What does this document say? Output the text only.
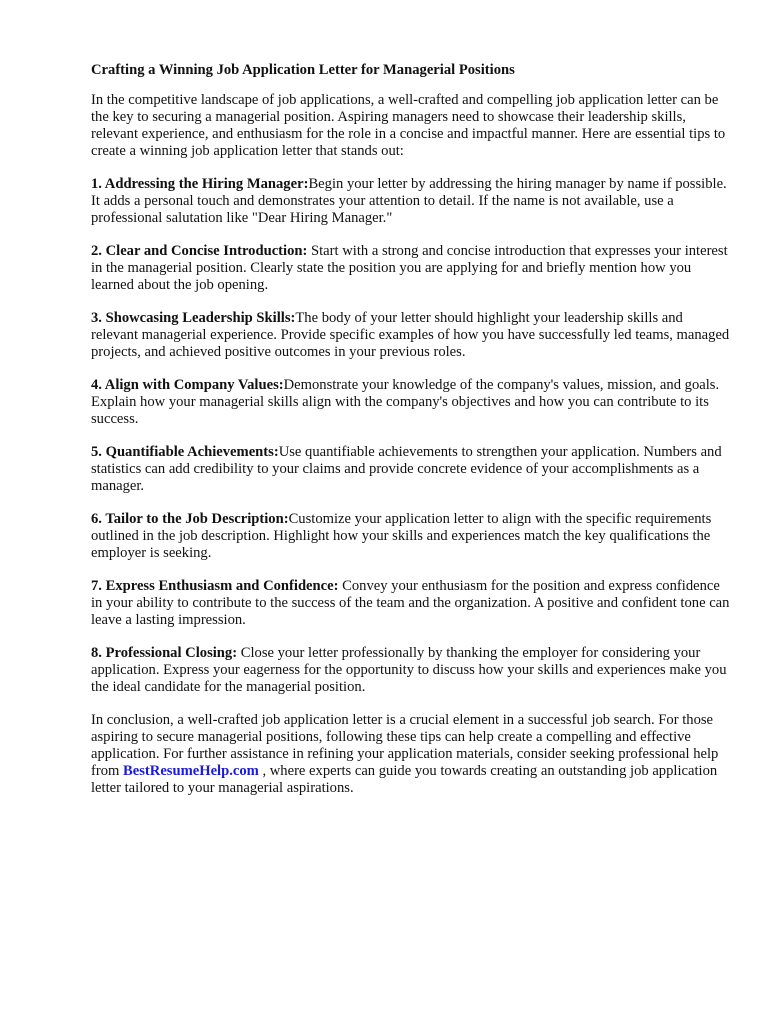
Crafting a Winning Job Application Letter for Managerial Positions

In the competitive landscape of job applications, a well-crafted and compelling job application letter can be the key to securing a managerial position. Aspiring managers need to showcase their leadership skills, relevant experience, and enthusiasm for the role in a concise and impactful manner. Here are essential tips to create a winning job application letter that stands out:

1. Addressing the Hiring Manager:Begin your letter by addressing the hiring manager by name if possible. It adds a personal touch and demonstrates your attention to detail. If the name is not available, use a professional salutation like "Dear Hiring Manager."

2. Clear and Concise Introduction: Start with a strong and concise introduction that expresses your interest in the managerial position. Clearly state the position you are applying for and briefly mention how you learned about the job opening.

3. Showcasing Leadership Skills:The body of your letter should highlight your leadership skills and relevant managerial experience. Provide specific examples of how you have successfully led teams, managed projects, and achieved positive outcomes in your previous roles.

4. Align with Company Values:Demonstrate your knowledge of the company's values, mission, and goals. Explain how your managerial skills align with the company's objectives and how you can contribute to its success.

5. Quantifiable Achievements:Use quantifiable achievements to strengthen your application. Numbers and statistics can add credibility to your claims and provide concrete evidence of your accomplishments as a manager.

6. Tailor to the Job Description:Customize your application letter to align with the specific requirements outlined in the job description. Highlight how your skills and experiences match the key qualifications the employer is seeking.

7. Express Enthusiasm and Confidence: Convey your enthusiasm for the position and express confidence in your ability to contribute to the success of the team and the organization. A positive and confident tone can leave a lasting impression.

8. Professional Closing: Close your letter professionally by thanking the employer for considering your application. Express your eagerness for the opportunity to discuss how your skills and experiences make you the ideal candidate for the managerial position.

In conclusion, a well-crafted job application letter is a crucial element in a successful job search. For those aspiring to secure managerial positions, following these tips can help create a compelling and effective application. For further assistance in refining your application materials, consider seeking professional help from BestResumeHelp.com , where experts can guide you towards creating an outstanding job application letter tailored to your managerial aspirations.
